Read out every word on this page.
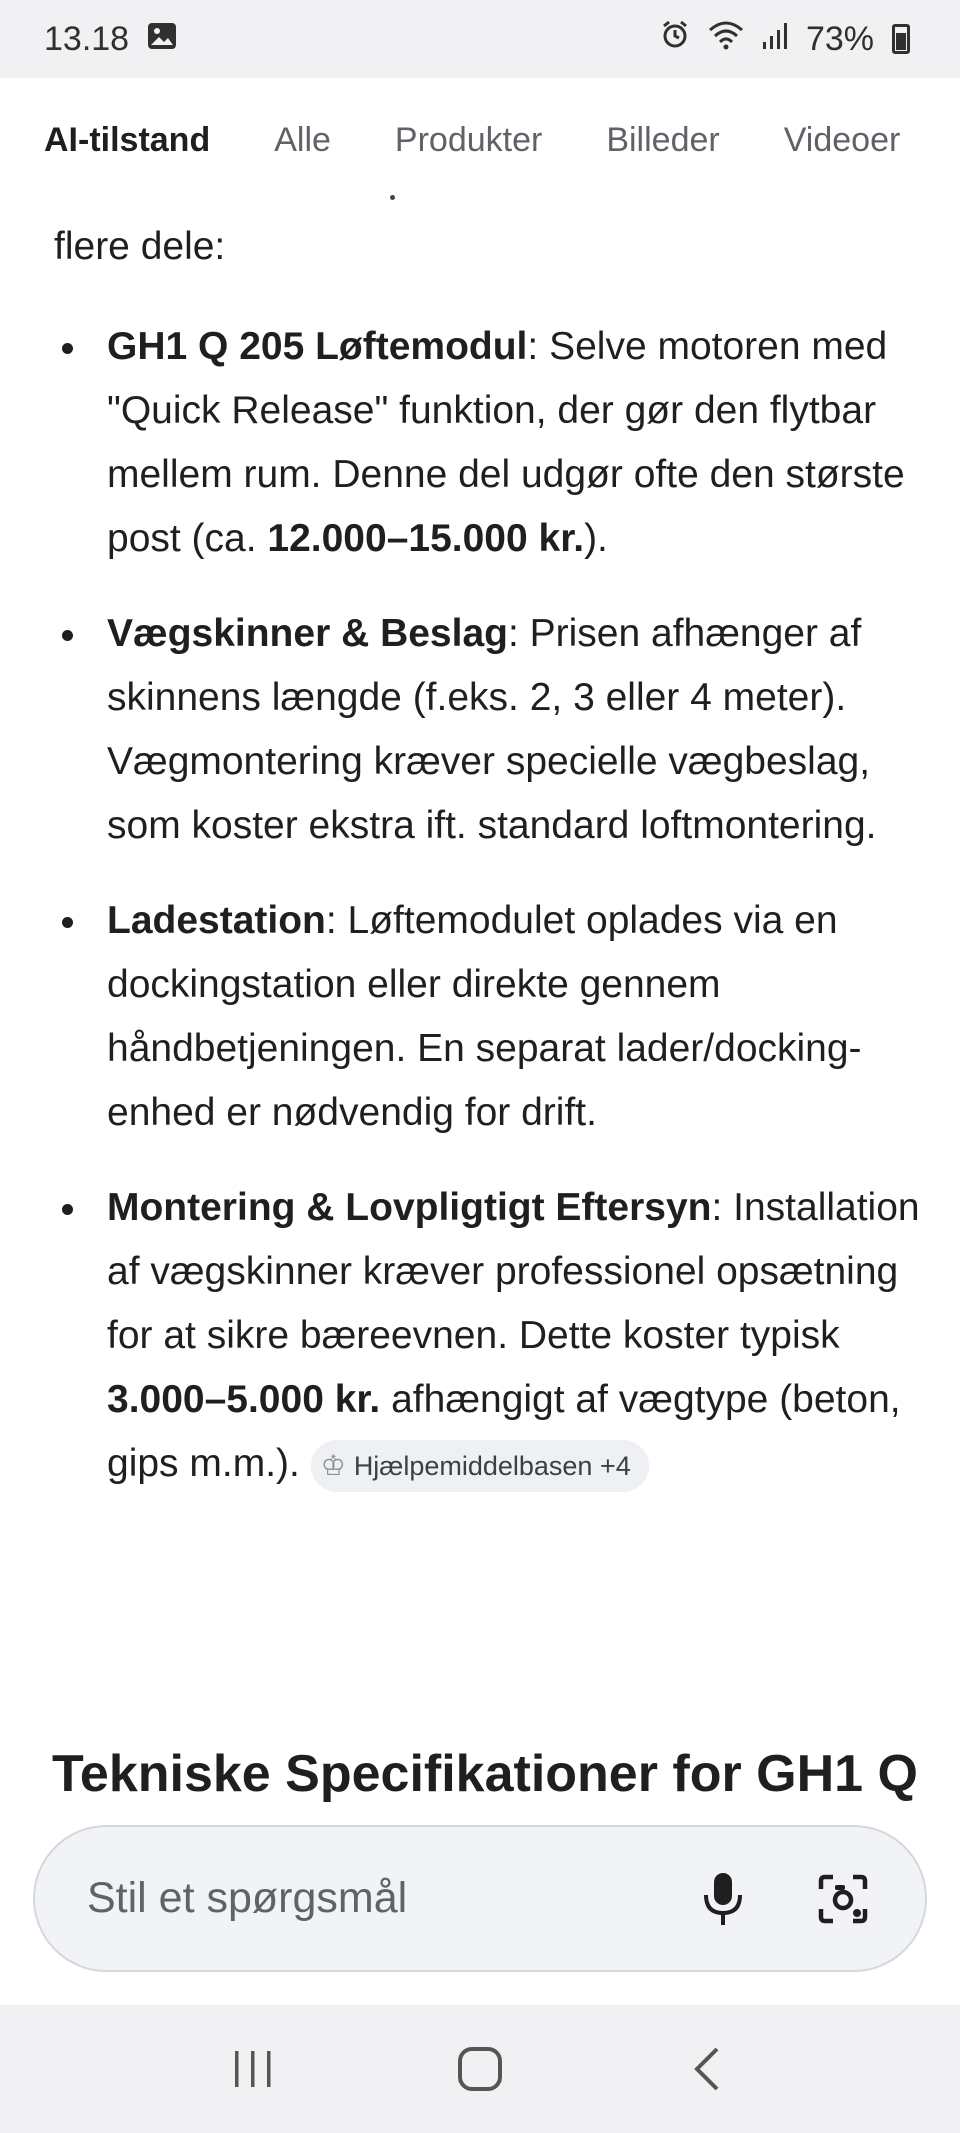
13.18	73%
AI-tilstand Alle Produkter Billeder Videoer

flere dele:

GH1 Q 205 Løftemodul: Selve motoren med "Quick Release" funktion, der gør den flytbar mellem rum. Denne del udgør ofte den største post (ca. 12.000–15.000 kr.).
Vægskinner & Beslag: Prisen afhænger af skinnens længde (f.eks. 2, 3 eller 4 meter). Vægmontering kræver specielle vægbeslag, som koster ekstra ift. standard loftmontering.
Ladestation: Løftemodulet oplades via en dockingstation eller direkte gennem håndbetjeningen. En separat lader/docking-enhed er nødvendig for drift.
Montering & Lovpligtigt Eftersyn: Installation af vægskinner kræver professionel opsætning for at sikre bæreevnen. Dette koster typisk 3.000–5.000 kr. afhængigt af vægtype (beton, gips m.m.). ♔ Hjælpemiddelbasen +4
Tekniske Specifikationer for GH1 Q
Stil et spørgsmål
